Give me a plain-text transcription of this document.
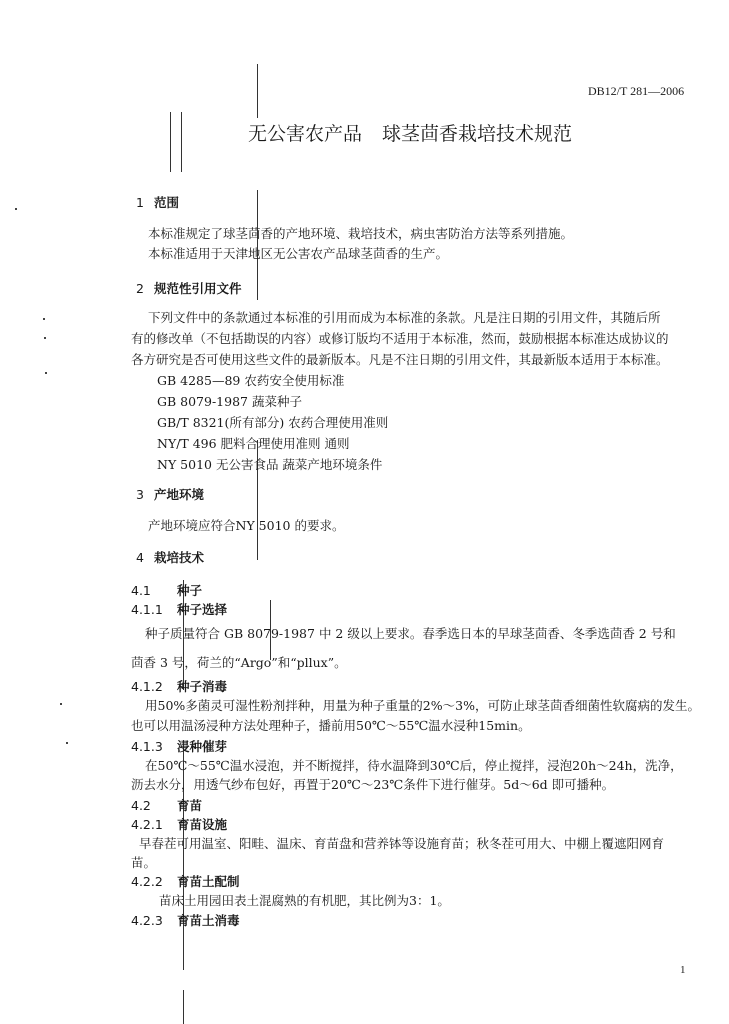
DB12/T 281—2006
无公害农产品 球茎茴香栽培技术规范
1 范围
本标准规定了球茎茴香的产地环境、栽培技术，病虫害防治方法等系列措施。
本标准适用于天津地区无公害农产品球茎茴香的生产。
2 规范性引用文件
下列文件中的条款通过本标准的引用而成为本标准的条款。凡是注日期的引用文件，其随后所
有的修改单（不包括勘误的内容）或修订版均不适用于本标准，然而，鼓励根据本标准达成协议的
各方研究是否可使用这些文件的最新版本。凡是不注日期的引用文件，其最新版本适用于本标准。
GB 4285—89 农药安全使用标准
GB 8079-1987 蔬菜种子
GB/T 8321(所有部分) 农药合理使用准则
NY/T 496 肥料合理使用准则 通则
NY 5010 无公害食品 蔬菜产地环境条件
3 产地环境
产地环境应符合NY 5010 的要求。
4 栽培技术
4.1 种子
4.1.1 种子选择
种子质量符合 GB 8079-1987 中 2 级以上要求。春季选日本的早球茎茴香、冬季选茴香 2 号和
茴香 3 号，荷兰的“Argo”和“pllux”。
4.1.2 种子消毒
用50%多菌灵可湿性粉剂拌种，用量为种子重量的2%～3%，可防止球茎茴香细菌性软腐病的发生。
也可以用温汤浸种方法处理种子，播前用50℃～55℃温水浸种15min。
4.1.3 浸种催芽
在50℃～55℃温水浸泡，并不断搅拌，待水温降到30℃后，停止搅拌，浸泡20h～24h，洗净，
沥去水分，用透气纱布包好，再置于20℃～23℃条件下进行催芽。5d～6d 即可播种。
4.2 育苗
4.2.1 育苗设施
早春茬可用温室、阳畦、温床、育苗盘和营养钵等设施育苗；秋冬茬可用大、中棚上覆遮阳网育
苗。
4.2.2 育苗土配制
苗床土用园田表土混腐熟的有机肥，其比例为3：1。
4.2.3 育苗土消毒
1
